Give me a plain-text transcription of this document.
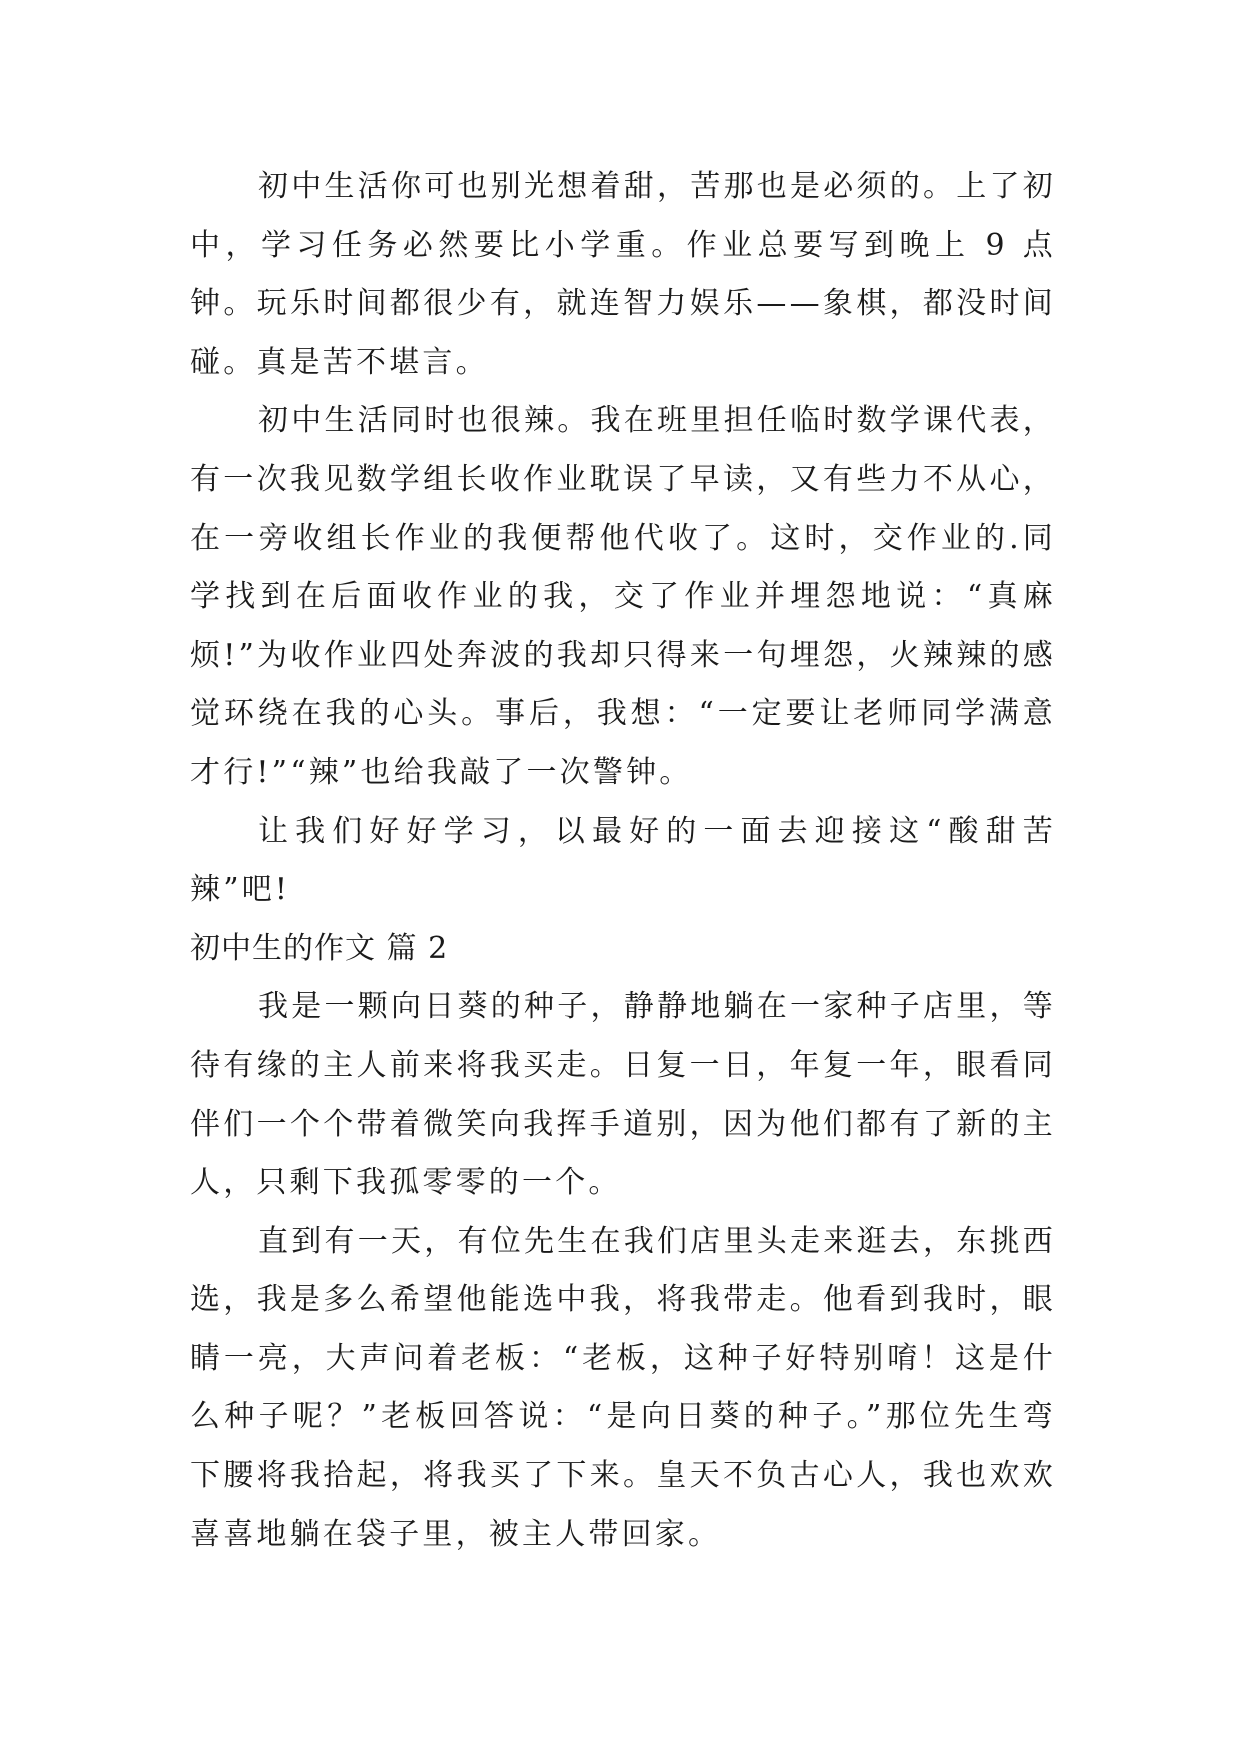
初中生活你可也别光想着甜，苦那也是必须的。上了初中，学习任务必然要比小学重。作业总要写到晚上 9 点钟。玩乐时间都很少有，就连智力娱乐——象棋，都没时间碰。真是苦不堪言。

初中生活同时也很辣。我在班里担任临时数学课代表，有一次我见数学组长收作业耽误了早读，又有些力不从心，在一旁收组长作业的我便帮他代收了。这时，交作业的.同学找到在后面收作业的我，交了作业并埋怨地说：“真麻烦!”为收作业四处奔波的我却只得来一句埋怨，火辣辣的感觉环绕在我的心头。事后，我想：“一定要让老师同学满意才行!”“辣”也给我敲了一次警钟。

让我们好好学习，以最好的一面去迎接这“酸甜苦辣”吧!

初中生的作文 篇 2

我是一颗向日葵的种子，静静地躺在一家种子店里，等待有缘的主人前来将我买走。日复一日，年复一年，眼看同伴们一个个带着微笑向我挥手道别，因为他们都有了新的主人，只剩下我孤零零的一个。

直到有一天，有位先生在我们店里头走来逛去，东挑西选，我是多么希望他能选中我，将我带走。他看到我时，眼睛一亮，大声问着老板：“老板，这种子好特别唷！这是什么种子呢？”老板回答说：“是向日葵的种子。”那位先生弯下腰将我拾起，将我买了下来。皇天不负古心人，我也欢欢喜喜地躺在袋子里，被主人带回家。
